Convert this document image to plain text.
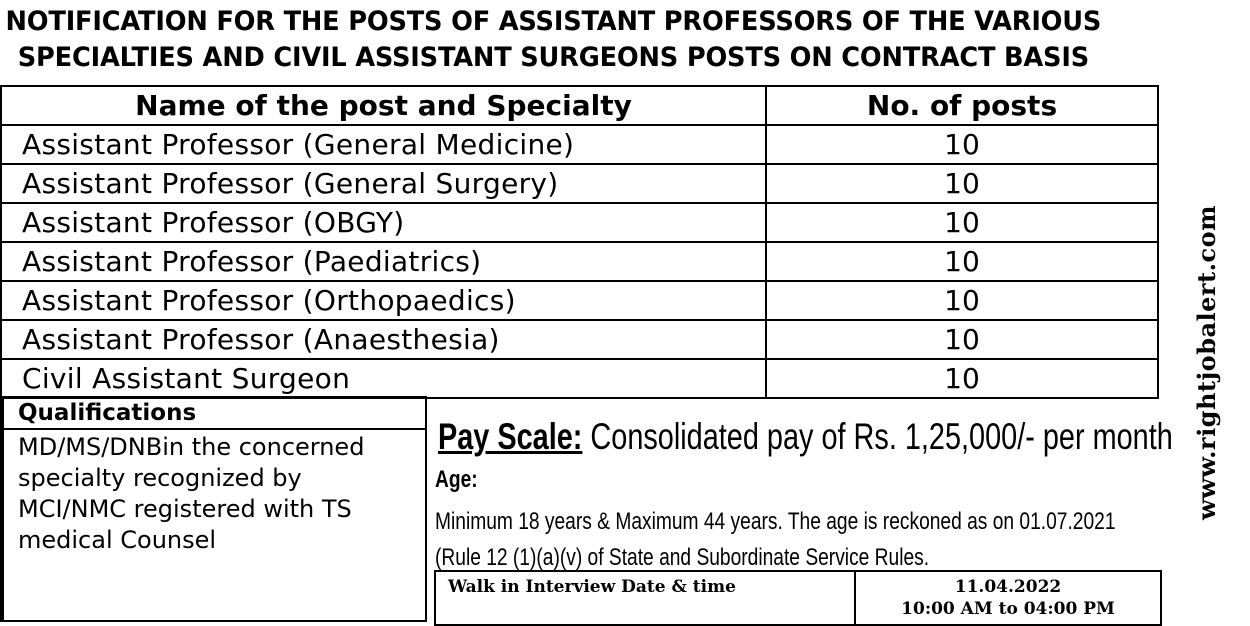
NOTIFICATION FOR THE POSTS OF ASSISTANT PROFESSORS OF THE VARIOUS
SPECIALTIES AND CIVIL ASSISTANT SURGEONS POSTS ON CONTRACT BASIS
Name of the post and Specialty	No. of posts
Assistant Professor (General Medicine)	10
Assistant Professor (General Surgery)	10
Assistant Professor (OBGY)	10
Assistant Professor (Paediatrics)	10
Assistant Professor (Orthopaedics)	10
Assistant Professor (Anaesthesia)	10
Civil Assistant Surgeon	10
Qualifications
MD/MS/DNBin the concerned specialty recognized by MCI/NMC registered with TS medical Counsel
Pay Scale: Consolidated pay of Rs. 1,25,000/- per month
Age:
Minimum 18 years & Maximum 44 years. The age is reckoned as on 01.07.2021 (Rule 12 (1)(a)(v) of State and Subordinate Service Rules.
Walk in Interview Date & time	11.04.2022
10:00 AM to 04:00 PM
www.rightjobalert.com
